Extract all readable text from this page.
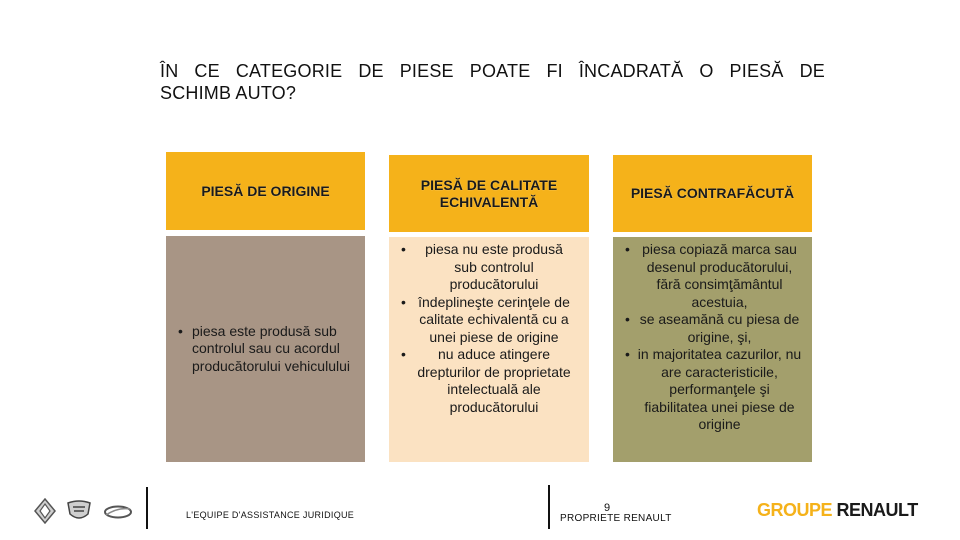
ÎN CE CATEGORIE DE PIESE POATE FI ÎNCADRATĂ O PIESĂ DE
SCHIMB AUTO?
PIESĂ DE ORIGINE
• piesa este produsă sub controlul sau cu acordul producătorului vehiculului
PIESĂ DE CALITATE ECHIVALENTĂ
• piesa nu este produsă sub controlul producătorului
• îndeplineşte cerinţele de calitate echivalentă cu a unei piese de origine
• nu aduce atingere drepturilor de proprietate intelectuală ale producătorului
PIESĂ CONTRAFĂCUTĂ
• piesa copiază marca sau desenul producătorului, fără consimţământul acestuia,
• se aseamănă cu piesa de origine, şi,
• in majoritatea cazurilor, nu are caracteristicile, performanţele şi fiabilitatea unei piese de origine
L'EQUIPE D'ASSISTANCE JURIDIQUE	PROPRIETE RENAULT
9	GROUPE RENAULT
